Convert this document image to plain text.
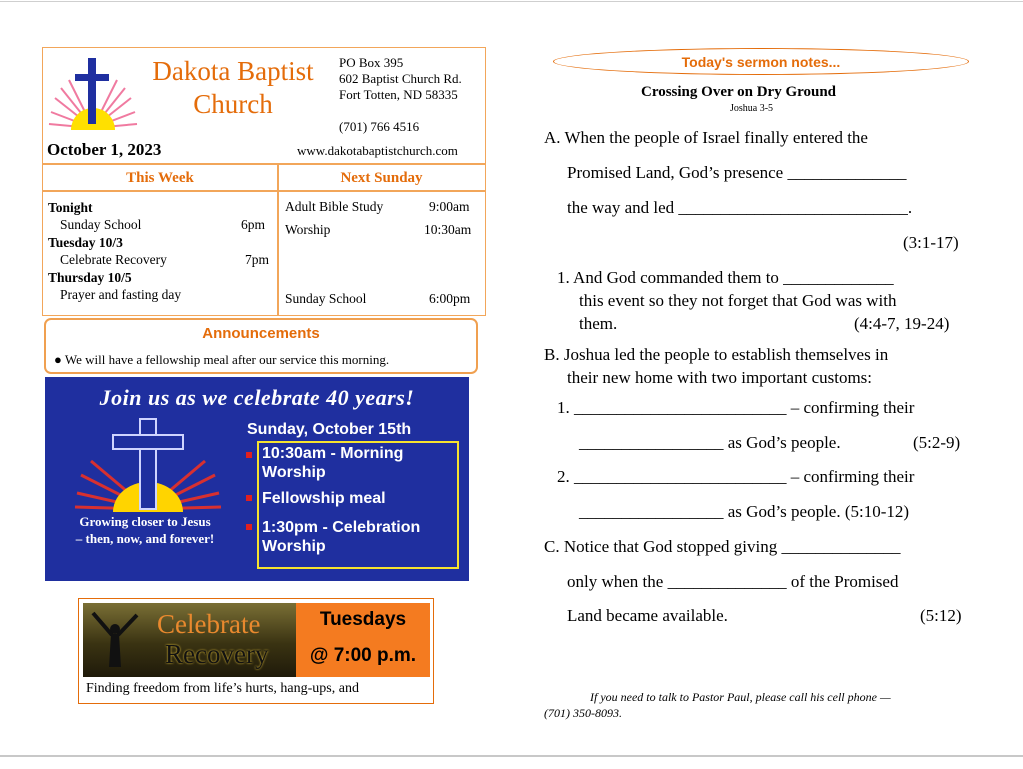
Dakota Baptist
Church
PO Box 395
602 Baptist Church Rd.
Fort Totten, ND 58335
(701) 766 4516
October 1, 2023	www.dakotabaptistchurch.com
This Week	Next Sunday
Tonight
Sunday School	6pm
Tuesday 10/3
Celebrate Recovery	7pm
Thursday 10/5
Prayer and fasting day
Adult Bible Study	9:00am
Worship	10:30am
Sunday School	6:00pm
Announcements
● We will have a fellowship meal after our service this morning.
Join us as we celebrate 40 years!
Growing closer to Jesus
– then, now, and forever!
Sunday, October 15th
10:30am - Morning
Worship
Fellowship meal
1:30pm - Celebration
Worship
Celebrate
Recovery
Tuesdays
@ 7:00 p.m.
Finding freedom from life’s hurts, hang-ups, and
Today's sermon notes...
Crossing Over on Dry Ground
Joshua 3-5
A. When the people of Israel finally entered the
Promised Land, God’s presence ______________
the way and led ___________________________.
(3:1-17)
1. And God commanded them to _____________
this event so they not forget that God was with
them.	(4:4-7, 19-24)
B. Joshua led the people to establish themselves in
their new home with two important customs:
1. _________________________ – confirming their
_________________ as God’s people.	(5:2-9)
2. _________________________ – confirming their
_________________ as God’s people. (5:10-12)
C. Notice that God stopped giving ______________
only when the ______________ of the Promised
Land became available.	(5:12)
If you need to talk to Pastor Paul, please call his cell phone —
(701) 350-8093.
